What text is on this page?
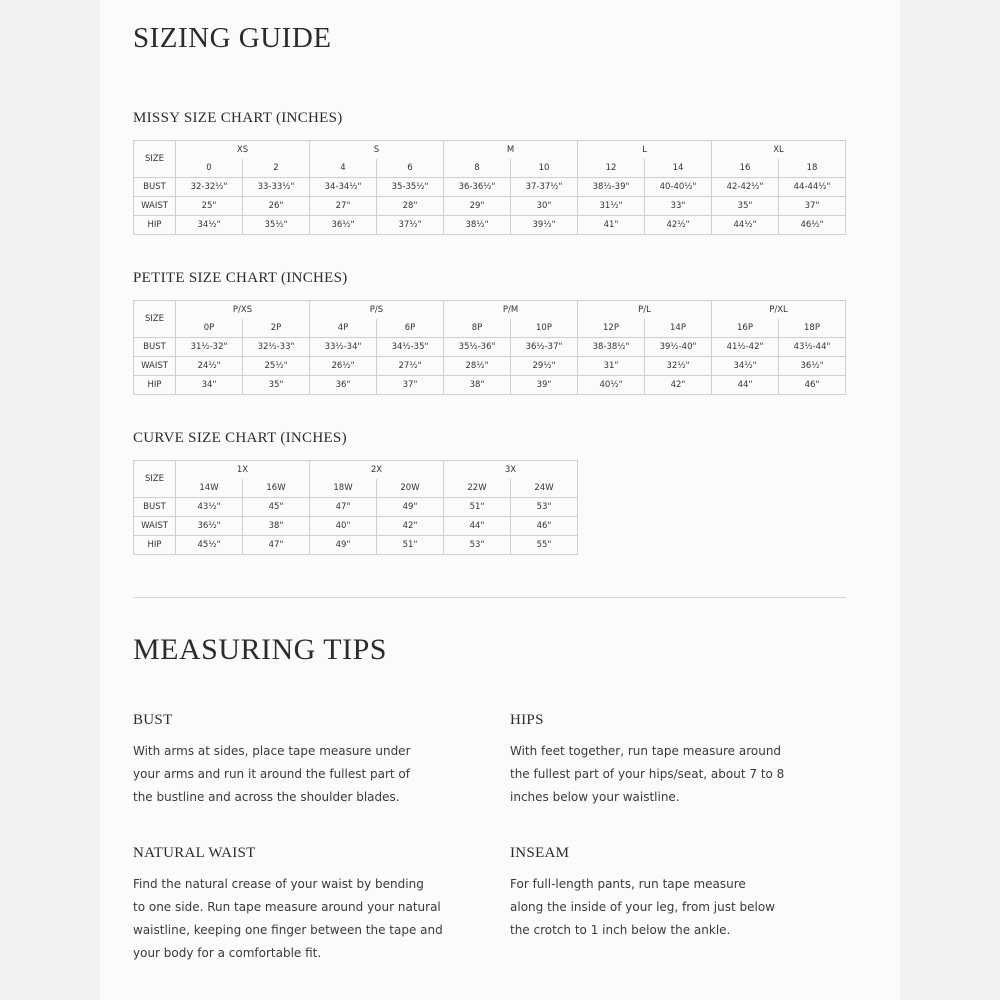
SIZING GUIDE
MISSY SIZE CHART (INCHES)
SIZE	XS		S		M		L		XL	
	0	2	4	6	8	10	12	14	16	18
BUST	32-32½"	33-33½"	34-34½"	35-35½"	36-36½"	37-37½"	38½-39"	40-40½"	42-42½"	44-44½"
WAIST	25"	26"	27"	28"	29"	30"	31½"	33"	35"	37"
HIP	34½"	35½"	36½"	37½"	38½"	39½"	41"	42½"	44½"	46½"
PETITE SIZE CHART (INCHES)
SIZE	P/XS		P/S		P/M		P/L		P/XL	
	0P	2P	4P	6P	8P	10P	12P	14P	16P	18P
BUST	31½-32"	32½-33"	33½-34"	34½-35"	35½-36"	36½-37"	38-38½"	39½-40"	41½-42"	43½-44"
WAIST	24½"	25½"	26½"	27½"	28½"	29½"	31"	32½"	34½"	36½"
HIP	34"	35"	36"	37"	38"	39"	40½"	42"	44"	46"
CURVE SIZE CHART (INCHES)
SIZE	1X		2X		3X	
	14W	16W	18W	20W	22W	24W
BUST	43½"	45"	47"	49"	51"	53"
WAIST	36½"	38"	40"	42"	44"	46"
HIP	45½"	47"	49"	51"	53"	55"
MEASURING TIPS
BUST
With arms at sides, place tape measure under
your arms and run it around the fullest part of
the bustline and across the shoulder blades.
HIPS
With feet together, run tape measure around
the fullest part of your hips/seat, about 7 to 8
inches below your waistline.
NATURAL WAIST
Find the natural crease of your waist by bending
to one side. Run tape measure around your natural
waistline, keeping one finger between the tape and
your body for a comfortable fit.
INSEAM
For full-length pants, run tape measure
along the inside of your leg, from just below
the crotch to 1 inch below the ankle.
